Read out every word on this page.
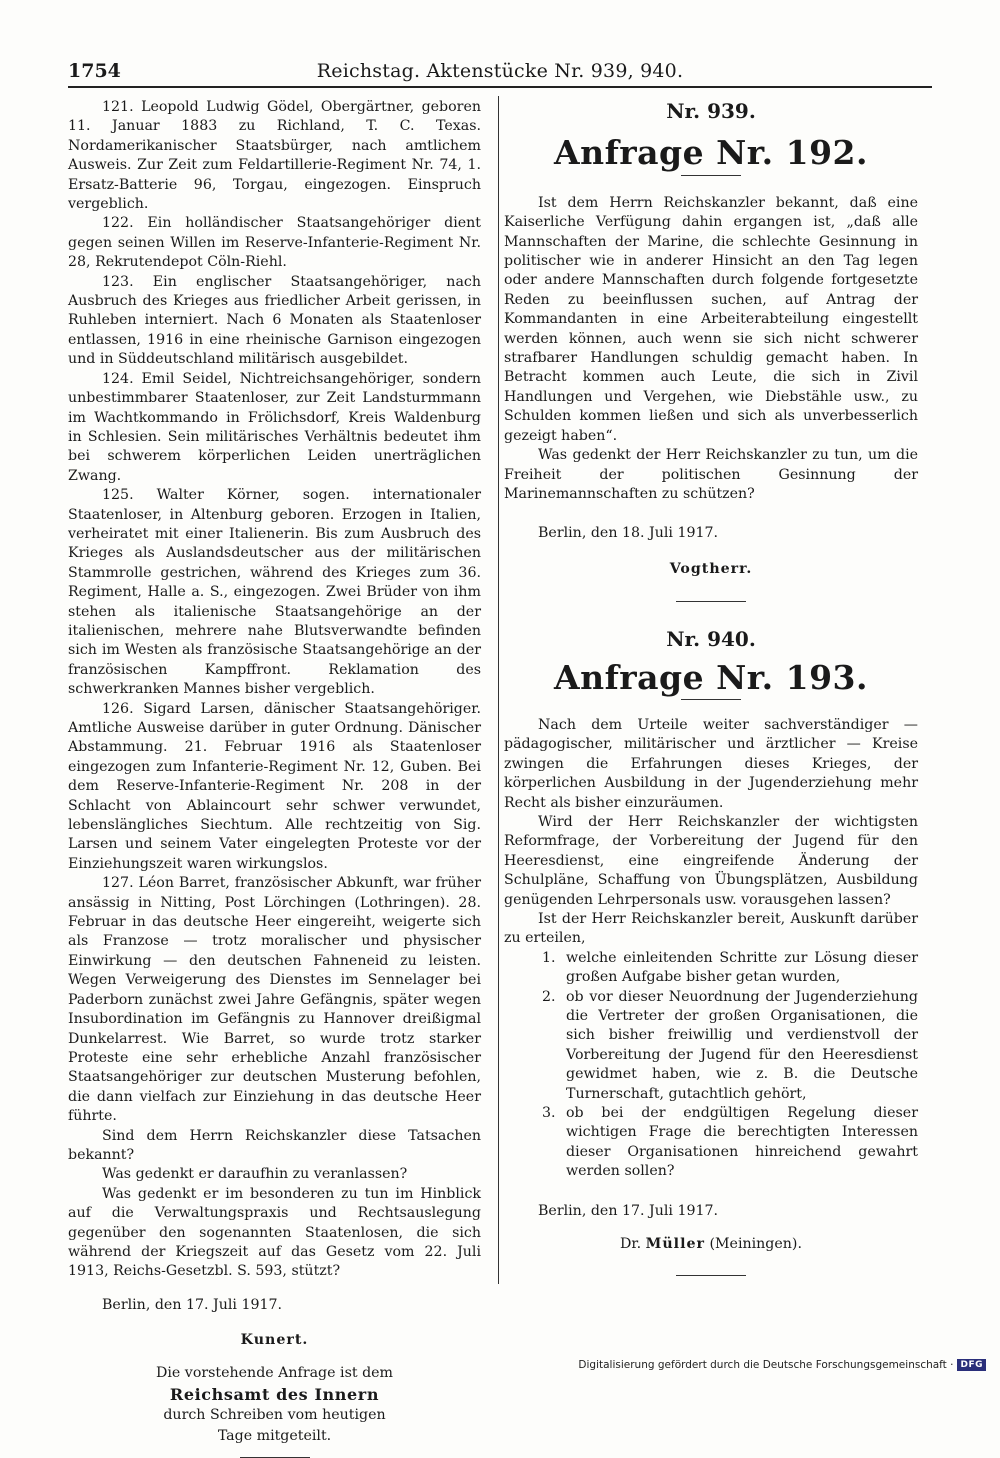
1754	Reichstag. Aktenstücke Nr. 939, 940.

121. Leopold Ludwig Gödel, Obergärtner, geboren 11. Januar 1883 zu Richland, T. C. Texas. Nordamerikanischer Staatsbürger, nach amtlichem Ausweis. Zur Zeit zum Feldartillerie-Regiment Nr. 74, 1. Ersatz-Batterie 96, Torgau, eingezogen. Einspruch vergeblich.

122. Ein holländischer Staatsangehöriger dient gegen seinen Willen im Reserve-Infanterie-Regiment Nr. 28, Rekrutendepot Cöln-Riehl.

123. Ein englischer Staatsangehöriger, nach Ausbruch des Krieges aus friedlicher Arbeit gerissen, in Ruhleben interniert. Nach 6 Monaten als Staatenloser entlassen, 1916 in eine rheinische Garnison eingezogen und in Süddeutschland militärisch ausgebildet.

124. Emil Seidel, Nichtreichsangehöriger, sondern unbestimmbarer Staatenloser, zur Zeit Landsturmmann im Wachtkommando in Frölichsdorf, Kreis Waldenburg in Schlesien. Sein militärisches Verhältnis bedeutet ihm bei schwerem körperlichen Leiden unerträglichen Zwang.

125. Walter Körner, sogen. internationaler Staatenloser, in Altenburg geboren. Erzogen in Italien, verheiratet mit einer Italienerin. Bis zum Ausbruch des Krieges als Auslandsdeutscher aus der militärischen Stammrolle gestrichen, während des Krieges zum 36. Regiment, Halle a. S., eingezogen. Zwei Brüder von ihm stehen als italienische Staatsangehörige an der italienischen, mehrere nahe Blutsverwandte befinden sich im Westen als französische Staatsangehörige an der französischen Kampffront. Reklamation des schwerkranken Mannes bisher vergeblich.

126. Sigard Larsen, dänischer Staatsangehöriger. Amtliche Ausweise darüber in guter Ordnung. Dänischer Abstammung. 21. Februar 1916 als Staatenloser eingezogen zum Infanterie-Regiment Nr. 12, Guben. Bei dem Reserve-Infanterie-Regiment Nr. 208 in der Schlacht von Ablaincourt sehr schwer verwundet, lebenslängliches Siechtum. Alle rechtzeitig von Sig. Larsen und seinem Vater eingelegten Proteste vor der Einziehungszeit waren wirkungslos.

127. Léon Barret, französischer Abkunft, war früher ansässig in Nitting, Post Lörchingen (Lothringen). 28. Februar in das deutsche Heer eingereiht, weigerte sich als Franzose — trotz moralischer und physischer Einwirkung — den deutschen Fahneneid zu leisten. Wegen Verweigerung des Dienstes im Sennelager bei Paderborn zunächst zwei Jahre Gefängnis, später wegen Insubordination im Gefängnis zu Hannover dreißigmal Dunkelarrest. Wie Barret, so wurde trotz starker Proteste eine sehr erhebliche Anzahl französischer Staatsangehöriger zur deutschen Musterung befohlen, die dann vielfach zur Einziehung in das deutsche Heer führte.

Sind dem Herrn Reichskanzler diese Tatsachen bekannt?

Was gedenkt er daraufhin zu veranlassen?

Was gedenkt er im besonderen zu tun im Hinblick auf die Verwaltungspraxis und Rechtsauslegung gegenüber den sogenannten Staatenlosen, die sich während der Kriegszeit auf das Gesetz vom 22. Juli 1913, Reichs-Gesetzbl. S. 593, stützt?

Berlin, den 17. Juli 1917.

Kunert.

Die vorstehende Anfrage ist dem
Reichsamt des Innern
durch Schreiben vom heutigen
Tage mitgeteilt.
Nr. 939.
Anfrage Nr. 192.

Ist dem Herrn Reichskanzler bekannt, daß eine Kaiserliche Verfügung dahin ergangen ist, „daß alle Mannschaften der Marine, die schlechte Gesinnung in politischer wie in anderer Hinsicht an den Tag legen oder andere Mannschaften durch folgende fortgesetzte Reden zu beeinflussen suchen, auf Antrag der Kommandanten in eine Arbeiterabteilung eingestellt werden können, auch wenn sie sich nicht schwerer strafbarer Handlungen schuldig gemacht haben. In Betracht kommen auch Leute, die sich in Zivil Handlungen und Vergehen, wie Diebstähle usw., zu Schulden kommen ließen und sich als unverbesserlich gezeigt haben“.

Was gedenkt der Herr Reichskanzler zu tun, um die Freiheit der politischen Gesinnung der Marinemannschaften zu schützen?

Berlin, den 18. Juli 1917.

Vogtherr.

Nr. 940.
Anfrage Nr. 193.

Nach dem Urteile weiter sachverständiger — pädagogischer, militärischer und ärztlicher — Kreise zwingen die Erfahrungen dieses Krieges, der körperlichen Ausbildung in der Jugenderziehung mehr Recht als bisher einzuräumen.

Wird der Herr Reichskanzler der wichtigsten Reformfrage, der Vorbereitung der Jugend für den Heeresdienst, eine eingreifende Änderung der Schulpläne, Schaffung von Übungsplätzen, Ausbildung genügenden Lehrpersonals usw. vorausgehen lassen?

Ist der Herr Reichskanzler bereit, Auskunft darüber zu erteilen,

1. welche einleitenden Schritte zur Lösung dieser großen Aufgabe bisher getan wurden,
2. ob vor dieser Neuordnung der Jugenderziehung die Vertreter der großen Organisationen, die sich bisher freiwillig und verdienstvoll der Vorbereitung der Jugend für den Heeresdienst gewidmet haben, wie z. B. die Deutsche Turnerschaft, gutachtlich gehört,
3. ob bei der endgültigen Regelung dieser wichtigen Frage die berechtigten Interessen dieser Organisationen hinreichend gewahrt werden sollen?

Berlin, den 17. Juli 1917.

Dr. Müller (Meiningen).

Digitalisierung gefördert durch die Deutsche Forschungsgemeinschaft · DFG
